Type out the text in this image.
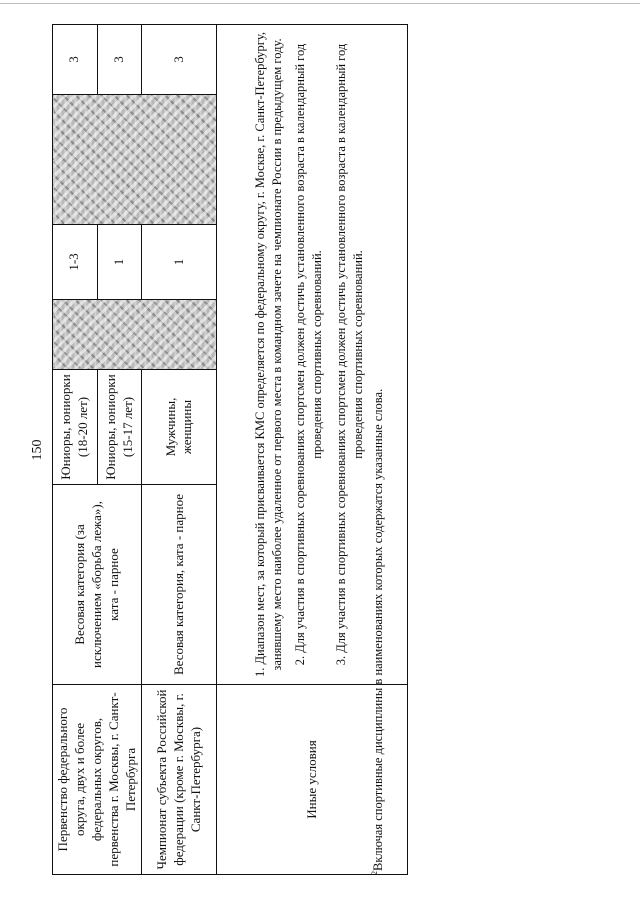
150
Первенство федерального округа, двух и более федеральных округов, первенства г. Москвы, г. Санкт-Петербурга	Весовая категория (за исключением «борьба лежа»), ката - парное	Юниоры, юниорки (18-20 лет)		1-3		3
		Юниоры, юниорки (15-17 лет)		1		3
Чемпионат субъекта Российской федерации (кроме г. Москвы, г. Санкт-Петербурга)	Весовая категория, ката - парное	Мужчины, женщины		1		3
Иные условия	1. Диапазон мест, за который присваивается КМС определяется по федеральному округу, г. Москве, г. Санкт-Петербургу, занявшему место наиболее удаленное от первого места в командном зачете на чемпионате России в предыдущем году. 2. Для участия в спортивных соревнованиях спортсмен должен достичь установленного возраста в календарный год проведения спортивных соревнований. 3. Для участия в спортивных соревнованиях спортсмен должен достичь установленного возраста в календарный год проведения спортивных соревнований.					

$^2$Включая спортивные дисциплины в наименованиях которых содержатся указанные слова.
